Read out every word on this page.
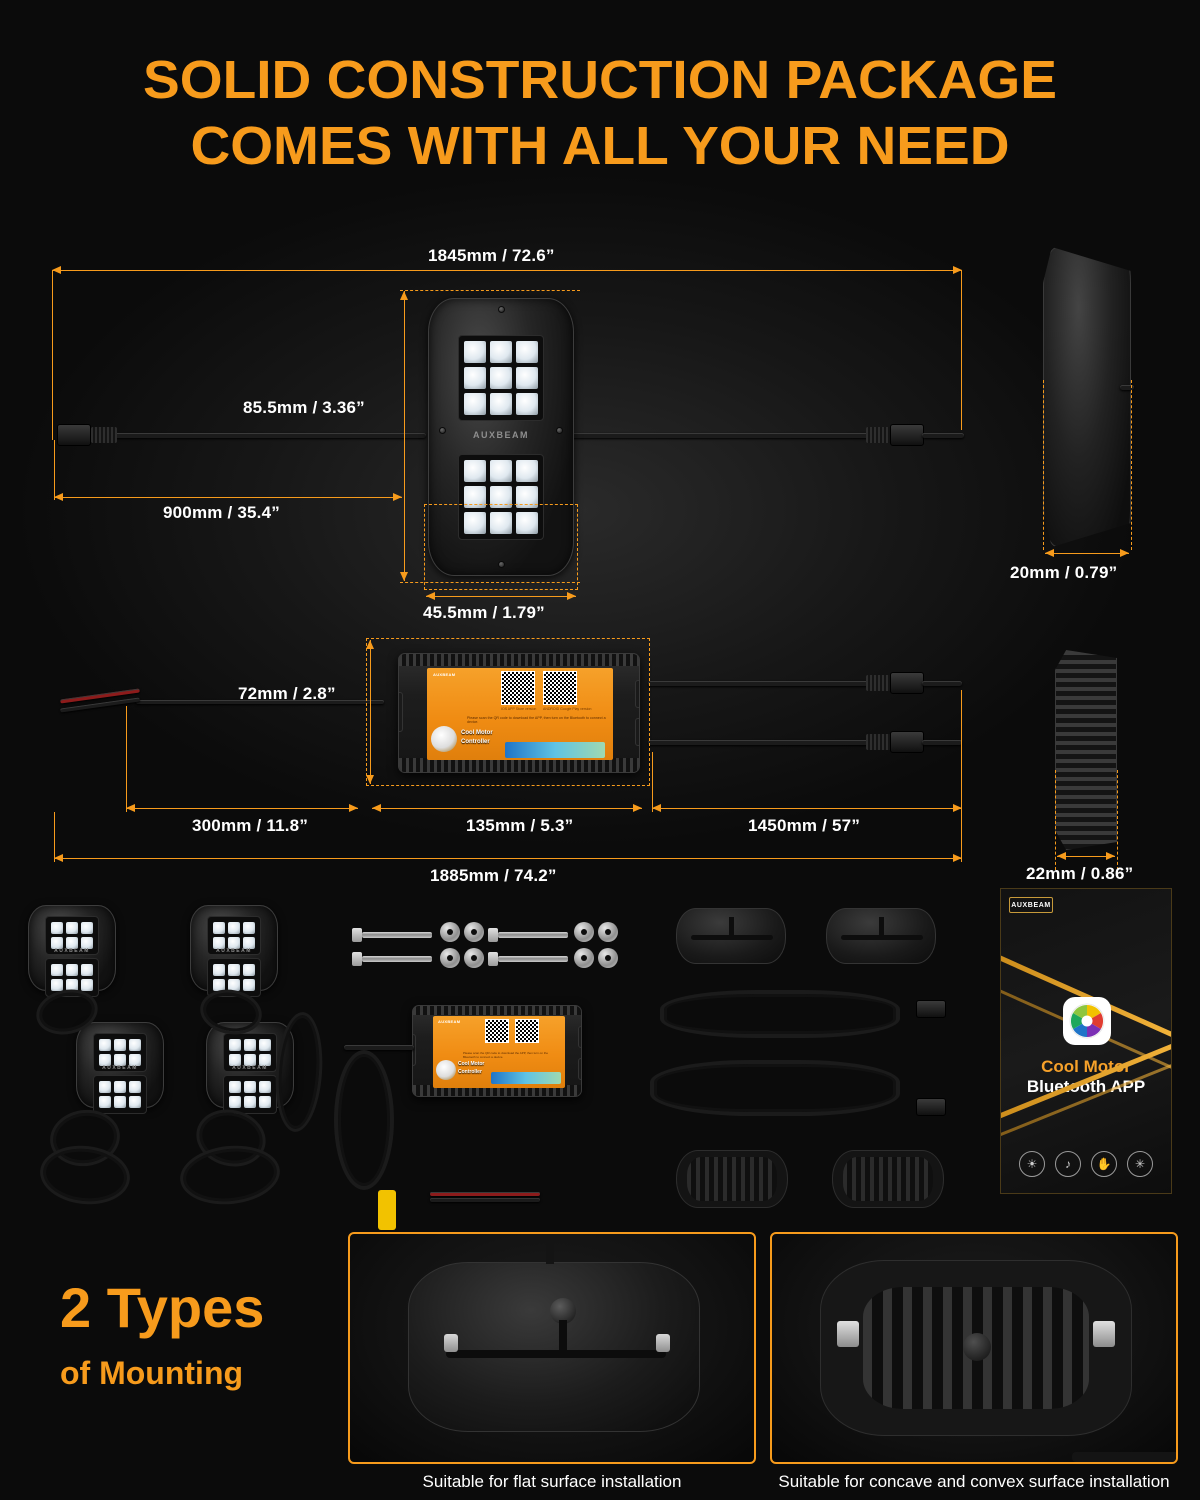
SOLID CONSTRUCTION PACKAGE
COMES WITH ALL YOUR NEED
1845mm / 72.6”
AUXBEAM
85.5mm / 3.36”
900mm / 35.4”
45.5mm / 1.79”
20mm / 0.79”
AUXBEAM
IOS APP Store version ANDROID Google Play version
Please scan the QR code to download the APP, then turn on the Bluetooth to connect a device.
Cool Motor
Controller
72mm / 2.8”
300mm / 11.8”	135mm / 5.3”	1450mm / 57”
1885mm / 74.2”	22mm / 0.86”
AUXBEAM	AUXBEAM
AUXBEAM	AUXBEAM
AUXBEAM
Please scan the QR code to download the APP, then turn on the Bluetooth to connect a device.
Cool Motor
Controller
AUXBEAM
Cool Motor
Bluetooth APP
☀	♪	✋	✳
2 Types
of Mounting
Suitable for flat surface installation	Suitable for concave and convex surface installation
